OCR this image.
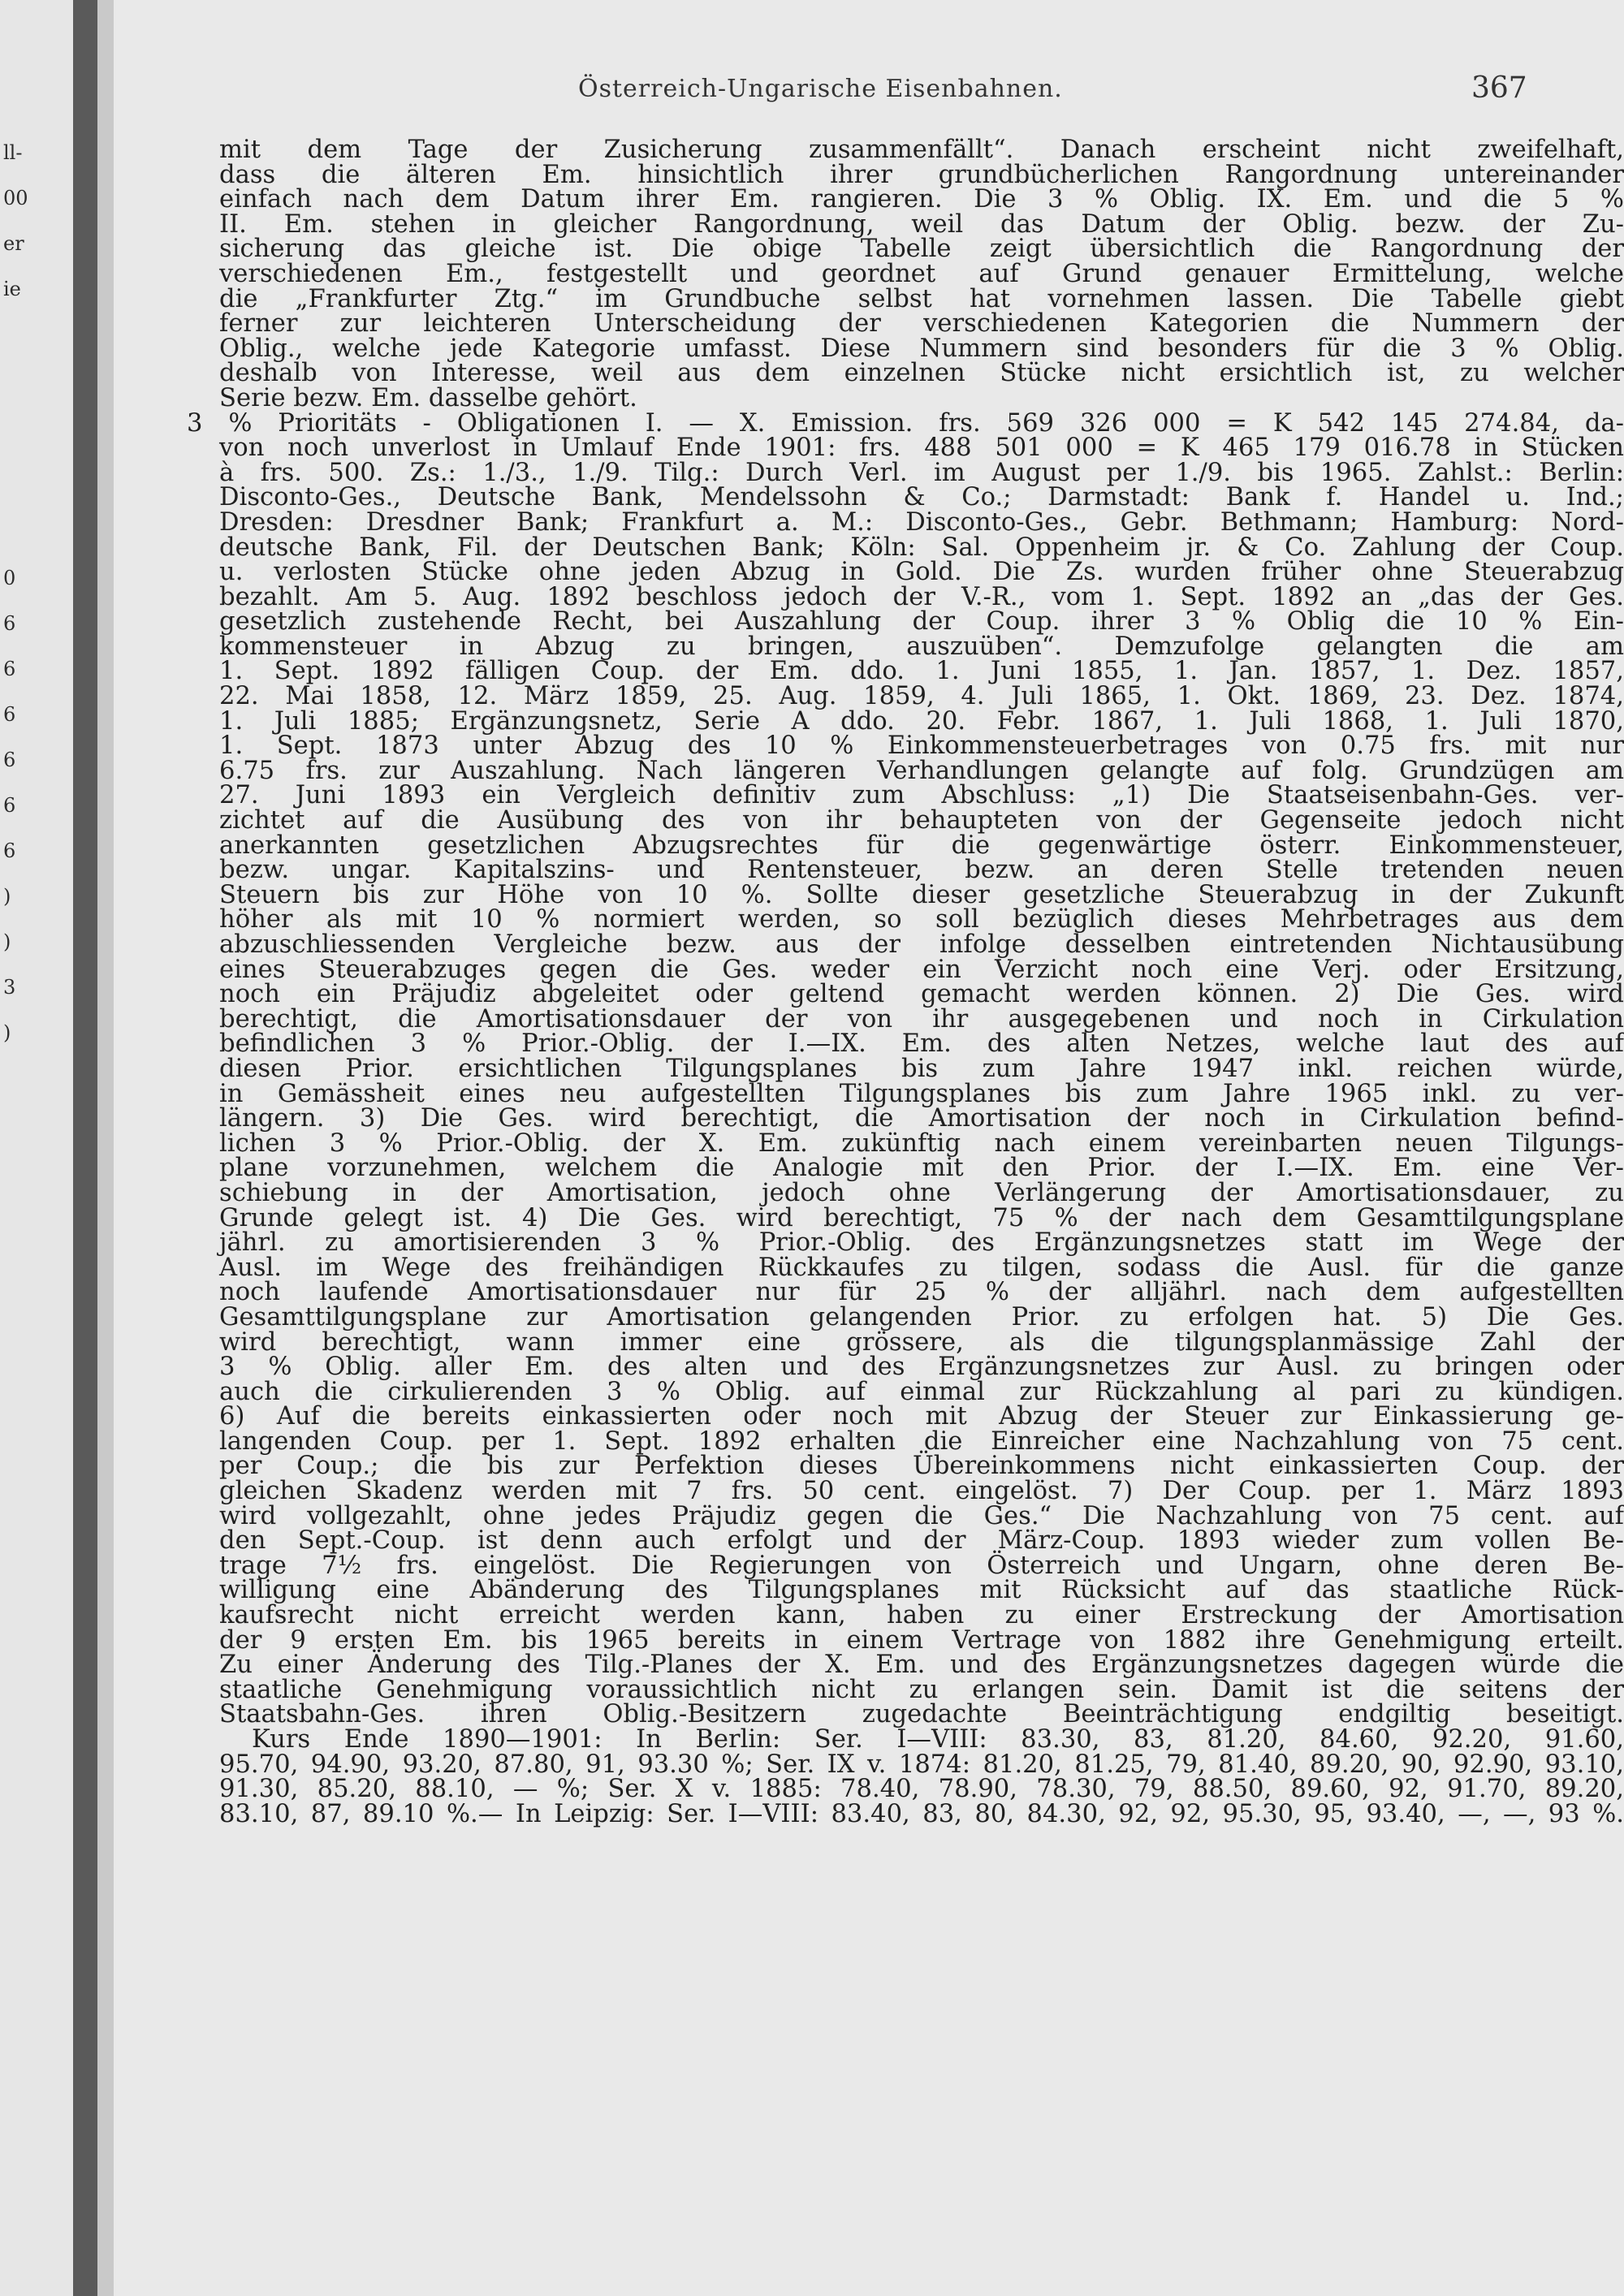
ll-
00
er
ie
0
6
6
6
6
6
6
)
)
3
)
Österreich-Ungarische Eisenbahnen.	367
mit dem Tage der Zusicherung zusammenfällt“. Danach erscheint nicht zweifelhaft,
dass die älteren Em. hinsichtlich ihrer grundbücherlichen Rangordnung untereinander
einfach nach dem Datum ihrer Em. rangieren. Die 3 % Oblig. IX. Em. und die 5 %
II. Em. stehen in gleicher Rangordnung, weil das Datum der Oblig. bezw. der Zu-
sicherung das gleiche ist. Die obige Tabelle zeigt übersichtlich die Rangordnung der
verschiedenen Em., festgestellt und geordnet auf Grund genauer Ermittelung, welche
die „Frankfurter Ztg.“ im Grundbuche selbst hat vornehmen lassen. Die Tabelle giebt
ferner zur leichteren Unterscheidung der verschiedenen Kategorien die Nummern der
Oblig., welche jede Kategorie umfasst. Diese Nummern sind besonders für die 3 % Oblig.
deshalb von Interesse, weil aus dem einzelnen Stücke nicht ersichtlich ist, zu welcher
Serie bezw. Em. dasselbe gehört.
3 % Prioritäts - Obligationen I. — X. Emission. frs. 569 326 000 = K 542 145 274.84, da-
von noch unverlost in Umlauf Ende 1901: frs. 488 501 000 = K 465 179 016.78 in Stücken
à frs. 500. Zs.: 1./3., 1./9. Tilg.: Durch Verl. im August per 1./9. bis 1965. Zahlst.: Berlin:
Disconto-Ges., Deutsche Bank, Mendelssohn & Co.; Darmstadt: Bank f. Handel u. Ind.;
Dresden: Dresdner Bank; Frankfurt a. M.: Disconto-Ges., Gebr. Bethmann; Hamburg: Nord-
deutsche Bank, Fil. der Deutschen Bank; Köln: Sal. Oppenheim jr. & Co. Zahlung der Coup.
u. verlosten Stücke ohne jeden Abzug in Gold. Die Zs. wurden früher ohne Steuerabzug
bezahlt. Am 5. Aug. 1892 beschloss jedoch der V.-R., vom 1. Sept. 1892 an „das der Ges.
gesetzlich zustehende Recht, bei Auszahlung der Coup. ihrer 3 % Oblig die 10 % Ein-
kommensteuer in Abzug zu bringen, auszuüben“. Demzufolge gelangten die am
1. Sept. 1892 fälligen Coup. der Em. ddo. 1. Juni 1855, 1. Jan. 1857, 1. Dez. 1857,
22. Mai 1858, 12. März 1859, 25. Aug. 1859, 4. Juli 1865, 1. Okt. 1869, 23. Dez. 1874,
1. Juli 1885; Ergänzungsnetz, Serie A ddo. 20. Febr. 1867, 1. Juli 1868, 1. Juli 1870,
1. Sept. 1873 unter Abzug des 10 % Einkommensteuerbetrages von 0.75 frs. mit nur
6.75 frs. zur Auszahlung. Nach längeren Verhandlungen gelangte auf folg. Grundzügen am
27. Juni 1893 ein Vergleich definitiv zum Abschluss: „1) Die Staatseisenbahn-Ges. ver-
zichtet auf die Ausübung des von ihr behaupteten von der Gegenseite jedoch nicht
anerkannten gesetzlichen Abzugsrechtes für die gegenwärtige österr. Einkommensteuer,
bezw. ungar. Kapitalszins- und Rentensteuer, bezw. an deren Stelle tretenden neuen
Steuern bis zur Höhe von 10 %. Sollte dieser gesetzliche Steuerabzug in der Zukunft
höher als mit 10 % normiert werden, so soll bezüglich dieses Mehrbetrages aus dem
abzuschliessenden Vergleiche bezw. aus der infolge desselben eintretenden Nichtausübung
eines Steuerabzuges gegen die Ges. weder ein Verzicht noch eine Verj. oder Ersitzung,
noch ein Präjudiz abgeleitet oder geltend gemacht werden können. 2) Die Ges. wird
berechtigt, die Amortisationsdauer der von ihr ausgegebenen und noch in Cirkulation
befindlichen 3 % Prior.-Oblig. der I.—IX. Em. des alten Netzes, welche laut des auf
diesen Prior. ersichtlichen Tilgungsplanes bis zum Jahre 1947 inkl. reichen würde,
in Gemässheit eines neu aufgestellten Tilgungsplanes bis zum Jahre 1965 inkl. zu ver-
längern. 3) Die Ges. wird berechtigt, die Amortisation der noch in Cirkulation befind-
lichen 3 % Prior.-Oblig. der X. Em. zukünftig nach einem vereinbarten neuen Tilgungs-
plane vorzunehmen, welchem die Analogie mit den Prior. der I.—IX. Em. eine Ver-
schiebung in der Amortisation, jedoch ohne Verlängerung der Amortisationsdauer, zu
Grunde gelegt ist. 4) Die Ges. wird berechtigt, 75 % der nach dem Gesamttilgungsplane
jährl. zu amortisierenden 3 % Prior.-Oblig. des Ergänzungsnetzes statt im Wege der
Ausl. im Wege des freihändigen Rückkaufes zu tilgen, sodass die Ausl. für die ganze
noch laufende Amortisationsdauer nur für 25 % der alljährl. nach dem aufgestellten
Gesamttilgungsplane zur Amortisation gelangenden Prior. zu erfolgen hat. 5) Die Ges.
wird berechtigt, wann immer eine grössere, als die tilgungsplanmässige Zahl der
3 % Oblig. aller Em. des alten und des Ergänzungsnetzes zur Ausl. zu bringen oder
auch die cirkulierenden 3 % Oblig. auf einmal zur Rückzahlung al pari zu kündigen.
6) Auf die bereits einkassierten oder noch mit Abzug der Steuer zur Einkassierung ge-
langenden Coup. per 1. Sept. 1892 erhalten die Einreicher eine Nachzahlung von 75 cent.
per Coup.; die bis zur Perfektion dieses Übereinkommens nicht einkassierten Coup. der
gleichen Skadenz werden mit 7 frs. 50 cent. eingelöst. 7) Der Coup. per 1. März 1893
wird vollgezahlt, ohne jedes Präjudiz gegen die Ges.“ Die Nachzahlung von 75 cent. auf
den Sept.-Coup. ist denn auch erfolgt und der März-Coup. 1893 wieder zum vollen Be-
trage 7½ frs. eingelöst. Die Regierungen von Österreich und Ungarn, ohne deren Be-
willigung eine Abänderung des Tilgungsplanes mit Rücksicht auf das staatliche Rück-
kaufsrecht nicht erreicht werden kann, haben zu einer Erstreckung der Amortisation
der 9 ersten Em. bis 1965 bereits in einem Vertrage von 1882 ihre Genehmigung erteilt.
Zu einer Änderung des Tilg.-Planes der X. Em. und des Ergänzungsnetzes dagegen würde die
staatliche Genehmigung voraussichtlich nicht zu erlangen sein. Damit ist die seitens der
Staatsbahn-Ges. ihren Oblig.-Besitzern zugedachte Beeinträchtigung endgiltig beseitigt.
Kurs Ende 1890—1901: In Berlin: Ser. I—VIII: 83.30, 83, 81.20, 84.60, 92.20, 91.60,
95.70, 94.90, 93.20, 87.80, 91, 93.30 %; Ser. IX v. 1874: 81.20, 81.25, 79, 81.40, 89.20, 90, 92.90, 93.10,
91.30, 85.20, 88.10, — %; Ser. X v. 1885: 78.40, 78.90, 78.30, 79, 88.50, 89.60, 92, 91.70, 89.20,
83.10, 87, 89.10 %.— In Leipzig: Ser. I—VIII: 83.40, 83, 80, 84.30, 92, 92, 95.30, 95, 93.40, —, —, 93 %.
